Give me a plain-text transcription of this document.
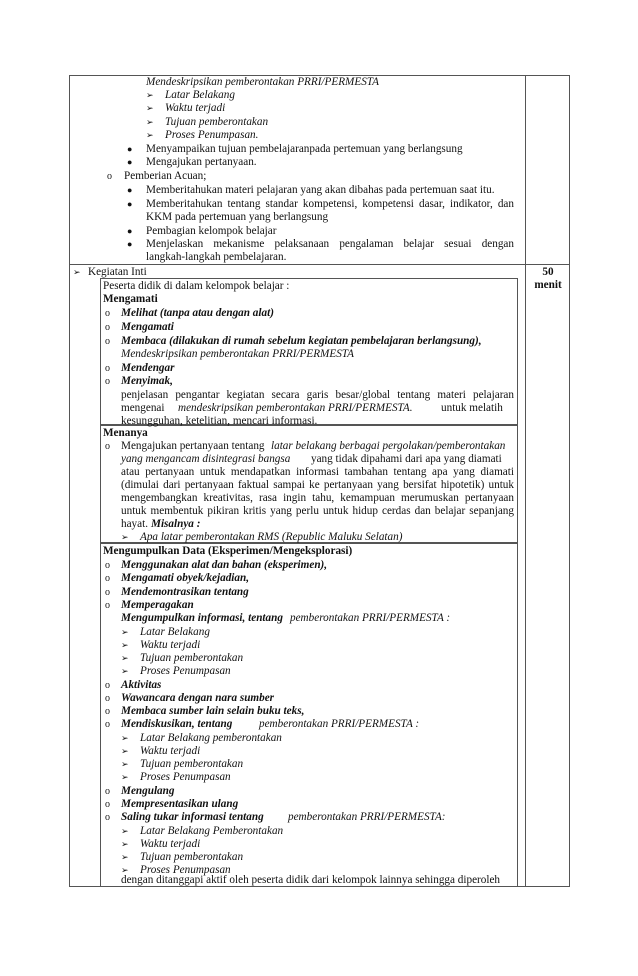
Mendeskripsikan pemberontakan PRRI/PERMESTA
➢ Latar Belakang
➢ Waktu terjadi
➢ Tujuan pemberontakan
➢ Proses Penumpasan.
● Menyampaikan tujuan pembelajaranpada pertemuan yang berlangsung
● Mengajukan pertanyaan.
o Pemberian Acuan;
● Memberitahukan materi pelajaran yang akan dibahas pada pertemuan saat itu.
● Memberitahukan tentang standar kompetensi, kompetensi dasar, indikator, dan
KKM pada pertemuan yang berlangsung
● Pembagian kelompok belajar
● Menjelaskan mekanisme pelaksanaan pengalaman belajar sesuai dengan
langkah-langkah pembelajaran.
➢ Kegiatan Inti	50
menit
Peserta didik di dalam kelompok belajar :
Mengamati
o Melihat (tanpa atau dengan alat)
o Mengamati
o Membaca (dilakukan di rumah sebelum kegiatan pembelajaran berlangsung),
Mendeskripsikan pemberontakan PRRI/PERMESTA
o Mendengar
o Menyimak,
penjelasan pengantar kegiatan secara garis besar/global tentang materi pelajaran
mengenai mendeskripsikan pemberontakan PRRI/PERMESTA.	untuk melatih
kesungguhan, ketelitian, mencari informasi.
Menanya
o Mengajukan pertanyaan tentang latar belakang berbagai pergolakan/pemberontakan
yang mengancam disintegrasi bangsa yang tidak dipahami dari apa yang diamati
atau pertanyaan untuk mendapatkan informasi tambahan tentang apa yang diamati
(dimulai dari pertanyaan faktual sampai ke pertanyaan yang bersifat hipotetik) untuk
mengembangkan kreativitas, rasa ingin tahu, kemampuan merumuskan pertanyaan
untuk membentuk pikiran kritis yang perlu untuk hidup cerdas dan belajar sepanjang
hayat. Misalnya :
➢ Apa latar pemberontakan RMS (Republic Maluku Selatan)
Mengumpulkan Data (Eksperimen/Mengeksplorasi)
o Menggunakan alat dan bahan (eksperimen),
o Mengamati obyek/kejadian,
o Mendemontrasikan tentang
o Memperagakan
Mengumpulkan informasi, tentang pemberontakan PRRI/PERMESTA :
➢ Latar Belakang
➢ Waktu terjadi
➢ Tujuan pemberontakan
➢ Proses Penumpasan
o Aktivitas
o Wawancara dengan nara sumber
o Membaca sumber lain selain buku teks,
o Mendiskusikan, tentang pemberontakan PRRI/PERMESTA :
➢ Latar Belakang pemberontakan
➢ Waktu terjadi
➢ Tujuan pemberontakan
➢ Proses Penumpasan
o Mengulang
o Mempresentasikan ulang
o Saling tukar informasi tentang pemberontakan PRRI/PERMESTA:
➢ Latar Belakang Pemberontakan
➢ Waktu terjadi
➢ Tujuan pemberontakan
➢ Proses Penumpasan
dengan ditanggapi aktif oleh peserta didik dari kelompok lainnya sehingga diperoleh
